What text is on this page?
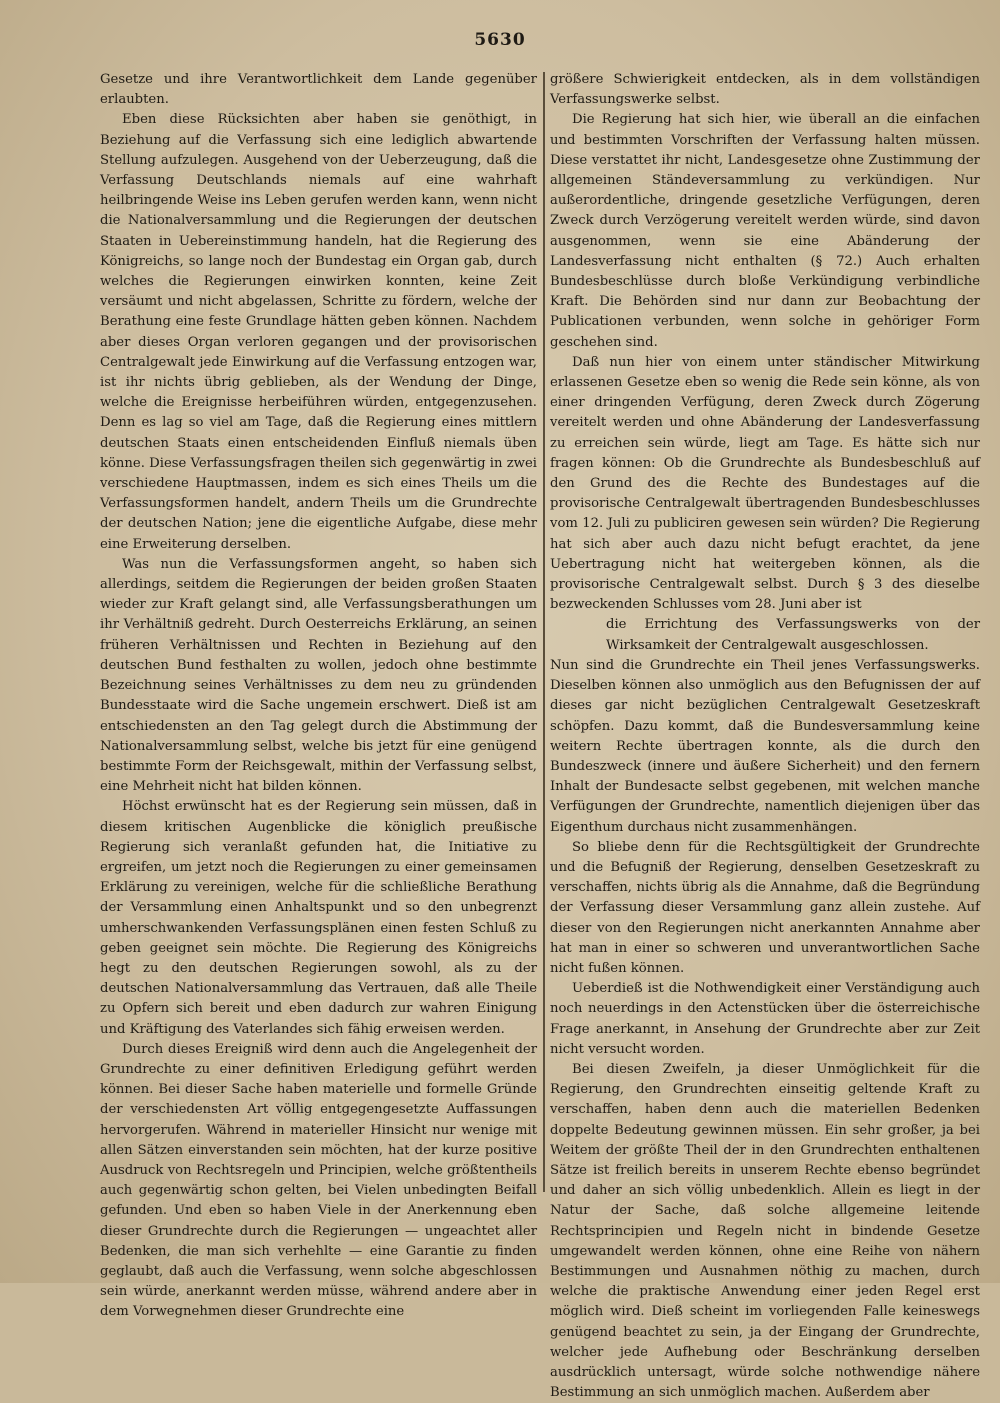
5630

Gesetze und ihre Verantwortlichkeit dem Lande gegenüber erlaubten.

Eben diese Rücksichten aber haben sie genöthigt, in Beziehung auf die Verfassung sich eine lediglich abwartende Stellung aufzulegen. Ausgehend von der Ueberzeugung, daß die Verfassung Deutschlands niemals auf eine wahrhaft heilbringende Weise ins Leben gerufen werden kann, wenn nicht die Nationalversammlung und die Regierungen der deutschen Staaten in Uebereinstimmung handeln, hat die Regierung des Königreichs, so lange noch der Bundestag ein Organ gab, durch welches die Regierungen einwirken konnten, keine Zeit versäumt und nicht abgelassen, Schritte zu fördern, welche der Berathung eine feste Grundlage hätten geben können. Nachdem aber dieses Organ verloren gegangen und der provisorischen Centralgewalt jede Einwirkung auf die Verfassung entzogen war, ist ihr nichts übrig geblieben, als der Wendung der Dinge, welche die Ereignisse herbeiführen würden, entgegenzusehen. Denn es lag so viel am Tage, daß die Regierung eines mittlern deutschen Staats einen entscheidenden Einfluß niemals üben könne. Diese Verfassungsfragen theilen sich gegenwärtig in zwei verschiedene Hauptmassen, indem es sich eines Theils um die Verfassungsformen handelt, andern Theils um die Grundrechte der deutschen Nation; jene die eigentliche Aufgabe, diese mehr eine Erweiterung derselben.

Was nun die Verfassungsformen angeht, so haben sich allerdings, seitdem die Regierungen der beiden großen Staaten wieder zur Kraft gelangt sind, alle Verfassungsberathungen um ihr Verhältniß gedreht. Durch Oesterreichs Erklärung, an seinen früheren Verhältnissen und Rechten in Beziehung auf den deutschen Bund festhalten zu wollen, jedoch ohne bestimmte Bezeichnung seines Verhältnisses zu dem neu zu gründenden Bundesstaate wird die Sache ungemein erschwert. Dieß ist am entschiedensten an den Tag gelegt durch die Abstimmung der Nationalversammlung selbst, welche bis jetzt für eine genügend bestimmte Form der Reichsgewalt, mithin der Verfassung selbst, eine Mehrheit nicht hat bilden können.

Höchst erwünscht hat es der Regierung sein müssen, daß in diesem kritischen Augenblicke die königlich preußische Regierung sich veranlaßt gefunden hat, die Initiative zu ergreifen, um jetzt noch die Regierungen zu einer gemeinsamen Erklärung zu vereinigen, welche für die schließliche Berathung der Versammlung einen Anhaltspunkt und so den unbegrenzt umherschwankenden Verfassungsplänen einen festen Schluß zu geben geeignet sein möchte. Die Regierung des Königreichs hegt zu den deutschen Regierungen sowohl, als zu der deutschen Nationalversammlung das Vertrauen, daß alle Theile zu Opfern sich bereit und eben dadurch zur wahren Einigung und Kräftigung des Vaterlandes sich fähig erweisen werden.

Durch dieses Ereigniß wird denn auch die Angelegenheit der Grundrechte zu einer definitiven Erledigung geführt werden können. Bei dieser Sache haben materielle und formelle Gründe der verschiedensten Art völlig entgegengesetzte Auffassungen hervorgerufen. Während in materieller Hinsicht nur wenige mit allen Sätzen einverstanden sein möchten, hat der kurze positive Ausdruck von Rechtsregeln und Principien, welche größtentheils auch gegenwärtig schon gelten, bei Vielen unbedingten Beifall gefunden. Und eben so haben Viele in der Anerkennung eben dieser Grundrechte durch die Regierungen — ungeachtet aller Bedenken, die man sich verhehlte — eine Garantie zu finden geglaubt, daß auch die Verfassung, wenn solche abgeschlossen sein würde, anerkannt werden müsse, während andere aber in dem Vorwegnehmen dieser Grundrechte eine

größere Schwierigkeit entdecken, als in dem vollständigen Verfassungswerke selbst.

Die Regierung hat sich hier, wie überall an die einfachen und bestimmten Vorschriften der Verfassung halten müssen. Diese verstattet ihr nicht, Landesgesetze ohne Zustimmung der allgemeinen Ständeversammlung zu verkündigen. Nur außerordentliche, dringende gesetzliche Verfügungen, deren Zweck durch Verzögerung vereitelt werden würde, sind davon ausgenommen, wenn sie eine Abänderung der Landesverfassung nicht enthalten (§ 72.) Auch erhalten Bundesbeschlüsse durch bloße Verkündigung verbindliche Kraft. Die Behörden sind nur dann zur Beobachtung der Publicationen verbunden, wenn solche in gehöriger Form geschehen sind.

Daß nun hier von einem unter ständischer Mitwirkung erlassenen Gesetze eben so wenig die Rede sein könne, als von einer dringenden Verfügung, deren Zweck durch Zögerung vereitelt werden und ohne Abänderung der Landesverfassung zu erreichen sein würde, liegt am Tage. Es hätte sich nur fragen können: Ob die Grundrechte als Bundesbeschluß auf den Grund des die Rechte des Bundestages auf die provisorische Centralgewalt übertragenden Bundesbeschlusses vom 12. Juli zu publiciren gewesen sein würden? Die Regierung hat sich aber auch dazu nicht befugt erachtet, da jene Uebertragung nicht hat weitergeben können, als die provisorische Centralgewalt selbst. Durch § 3 des dieselbe bezweckenden Schlusses vom 28. Juni aber ist

die Errichtung des Verfassungswerks von der Wirksamkeit der Centralgewalt ausgeschlossen.

Nun sind die Grundrechte ein Theil jenes Verfassungswerks. Dieselben können also unmöglich aus den Befugnissen der auf dieses gar nicht bezüglichen Centralgewalt Gesetzeskraft schöpfen. Dazu kommt, daß die Bundesversammlung keine weitern Rechte übertragen konnte, als die durch den Bundeszweck (innere und äußere Sicherheit) und den fernern Inhalt der Bundesacte selbst gegebenen, mit welchen manche Verfügungen der Grundrechte, namentlich diejenigen über das Eigenthum durchaus nicht zusammenhängen.

So bliebe denn für die Rechtsgültigkeit der Grundrechte und die Befugniß der Regierung, denselben Gesetzeskraft zu verschaffen, nichts übrig als die Annahme, daß die Begründung der Verfassung dieser Versammlung ganz allein zustehe. Auf dieser von den Regierungen nicht anerkannten Annahme aber hat man in einer so schweren und unverantwortlichen Sache nicht fußen können.

Ueberdieß ist die Nothwendigkeit einer Verständigung auch noch neuerdings in den Actenstücken über die österreichische Frage anerkannt, in Ansehung der Grundrechte aber zur Zeit nicht versucht worden.

Bei diesen Zweifeln, ja dieser Unmöglichkeit für die Regierung, den Grundrechten einseitig geltende Kraft zu verschaffen, haben denn auch die materiellen Bedenken doppelte Bedeutung gewinnen müssen. Ein sehr großer, ja bei Weitem der größte Theil der in den Grundrechten enthaltenen Sätze ist freilich bereits in unserem Rechte ebenso begründet und daher an sich völlig unbedenklich. Allein es liegt in der Natur der Sache, daß solche allgemeine leitende Rechtsprincipien und Regeln nicht in bindende Gesetze umgewandelt werden können, ohne eine Reihe von nähern Bestimmungen und Ausnahmen nöthig zu machen, durch welche die praktische Anwendung einer jeden Regel erst möglich wird. Dieß scheint im vorliegenden Falle keineswegs genügend beachtet zu sein, ja der Eingang der Grundrechte, welcher jede Aufhebung oder Beschränkung derselben ausdrücklich untersagt, würde solche nothwendige nähere Bestimmung an sich unmöglich machen. Außerdem aber
